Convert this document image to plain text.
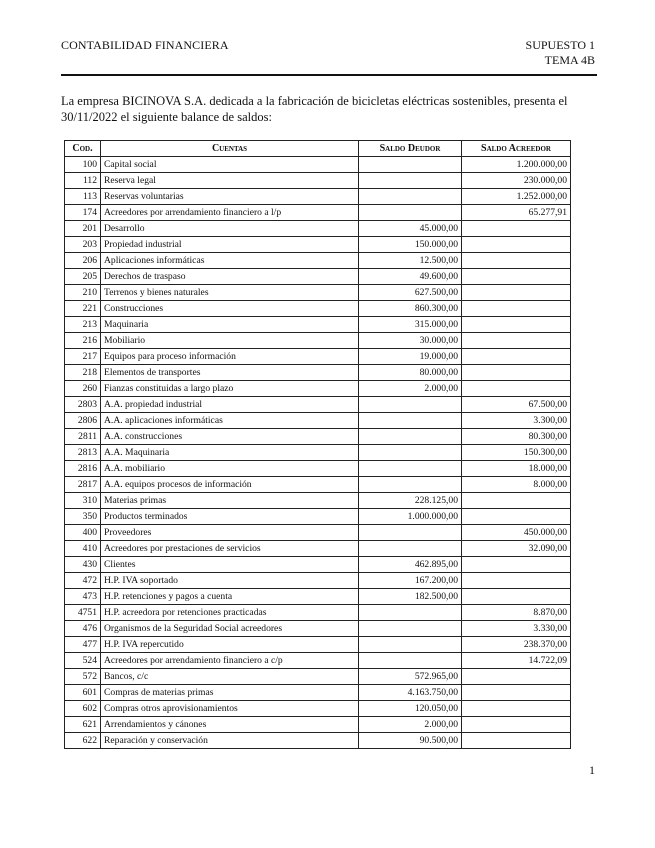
CONTABILIDAD FINANCIERA	SUPUESTO 1
TEMA 4B

La empresa BICINOVA S.A. dedicada a la fabricación de bicicletas eléctricas sostenibles, presenta el 30/11/2022 el siguiente balance de saldos:

Cod.	Cuentas	Saldo Deudor	Saldo Acreedor
100	Capital social		1.200.000,00
112	Reserva legal		230.000,00
113	Reservas voluntarias		1.252.000,00
174	Acreedores por arrendamiento financiero a l/p		65.277,91
201	Desarrollo	45.000,00	
203	Propiedad industrial	150.000,00	
206	Aplicaciones informáticas	12.500,00	
205	Derechos de traspaso	49.600,00	
210	Terrenos y bienes naturales	627.500,00	
221	Construcciones	860.300,00	
213	Maquinaria	315.000,00	
216	Mobiliario	30.000,00	
217	Equipos para proceso información	19.000,00	
218	Elementos de transportes	80.000,00	
260	Fianzas constituidas a largo plazo	2.000,00	
2803	A.A. propiedad industrial		67.500,00
2806	A.A. aplicaciones informáticas		3.300,00
2811	A.A. construcciones		80.300,00
2813	A.A. Maquinaria		150.300,00
2816	A.A. mobiliario		18.000,00
2817	A.A. equipos procesos de información		8.000,00
310	Materias primas	228.125,00	
350	Productos terminados	1.000.000,00	
400	Proveedores		450.000,00
410	Acreedores por prestaciones de servicios		32.090,00
430	Clientes	462.895,00	
472	H.P. IVA soportado	167.200,00	
473	H.P. retenciones y pagos a cuenta	182.500,00	
4751	H.P. acreedora por retenciones practicadas		8.870,00
476	Organismos de la Seguridad Social acreedores		3.330,00
477	H.P. IVA repercutido		238.370,00
524	Acreedores por arrendamiento financiero a c/p		14.722,09
572	Bancos, c/c	572.965,00	
601	Compras de materias primas	4.163.750,00	
602	Compras otros aprovisionamientos	120.050,00	
621	Arrendamientos y cánones	2.000,00	
622	Reparación y conservación	90.500,00	
1
